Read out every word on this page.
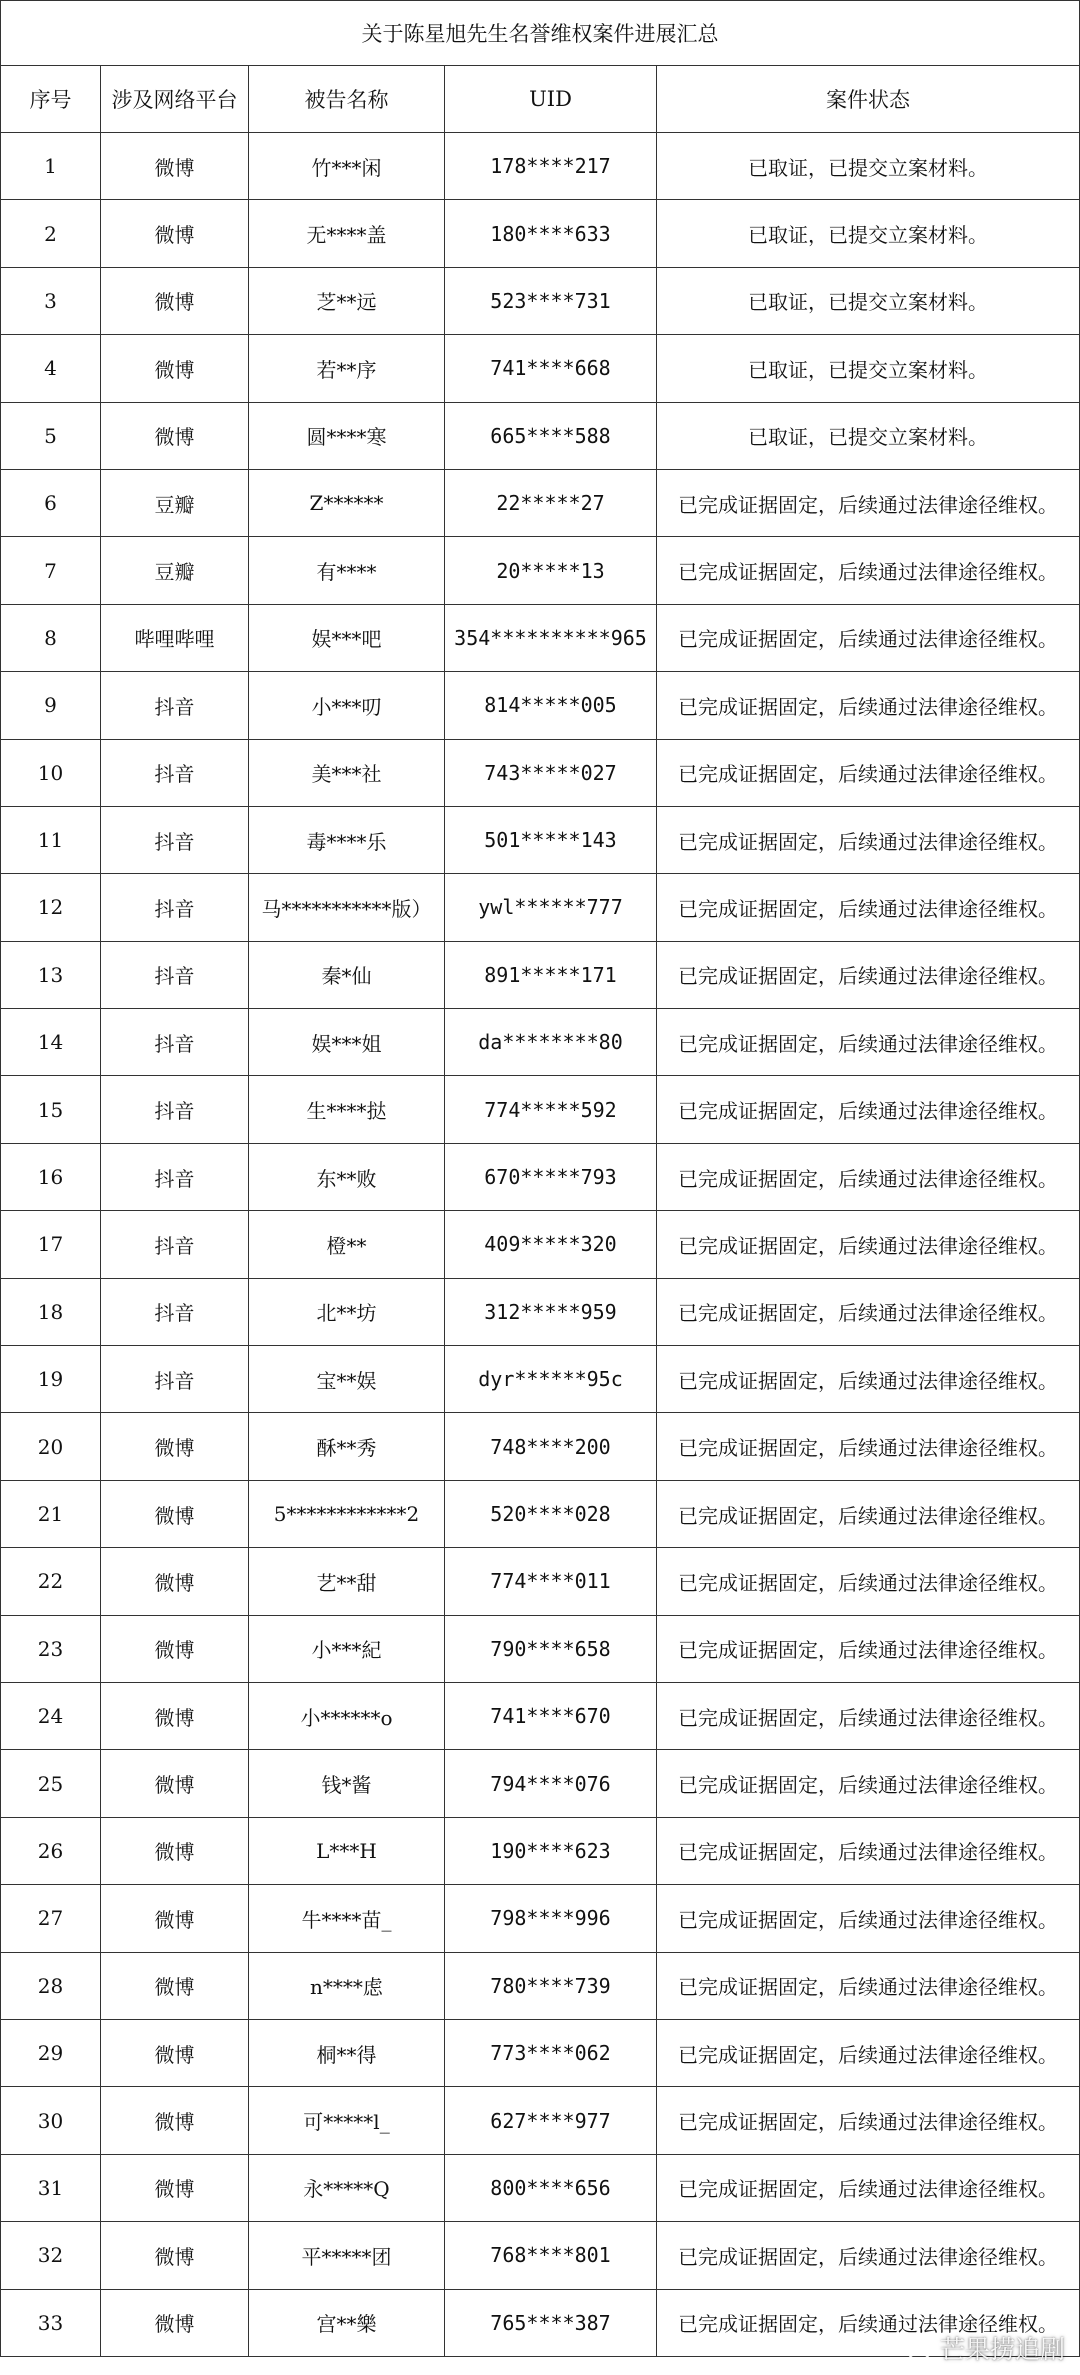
关于陈星旭先生名誉维权案件进展汇总				
序号	涉及网络平台	被告名称	UID	案件状态
1	微博	竹***闲	178****217	已取证，已提交立案材料。
2	微博	无****盖	180****633	已取证，已提交立案材料。
3	微博	芝**远	523****731	已取证，已提交立案材料。
4	微博	若**序	741****668	已取证，已提交立案材料。
5	微博	圆****寒	665****588	已取证，已提交立案材料。
6	豆瓣	Z******	22*****27	已完成证据固定，后续通过法律途径维权。
7	豆瓣	有****	20*****13	已完成证据固定，后续通过法律途径维权。
8	哔哩哔哩	娱***吧	354**********965	已完成证据固定，后续通过法律途径维权。
9	抖音	小***叨	814*****005	已完成证据固定，后续通过法律途径维权。
10	抖音	美***社	743*****027	已完成证据固定，后续通过法律途径维权。
11	抖音	毒****乐	501*****143	已完成证据固定，后续通过法律途径维权。
12	抖音	马***********版）	ywl******777	已完成证据固定，后续通过法律途径维权。
13	抖音	秦*仙	891*****171	已完成证据固定，后续通过法律途径维权。
14	抖音	娱***姐	da********80	已完成证据固定，后续通过法律途径维权。
15	抖音	生****挞	774*****592	已完成证据固定，后续通过法律途径维权。
16	抖音	东**败	670*****793	已完成证据固定，后续通过法律途径维权。
17	抖音	橙**	409*****320	已完成证据固定，后续通过法律途径维权。
18	抖音	北**坊	312*****959	已完成证据固定，后续通过法律途径维权。
19	抖音	宝**娱	dyr******95c	已完成证据固定，后续通过法律途径维权。
20	微博	酥**秀	748****200	已完成证据固定，后续通过法律途径维权。
21	微博	5************2	520****028	已完成证据固定，后续通过法律途径维权。
22	微博	艺**甜	774****011	已完成证据固定，后续通过法律途径维权。
23	微博	小***紀	790****658	已完成证据固定，后续通过法律途径维权。
24	微博	小******o	741****670	已完成证据固定，后续通过法律途径维权。
25	微博	钱*酱	794****076	已完成证据固定，后续通过法律途径维权。
26	微博	L***H	190****623	已完成证据固定，后续通过法律途径维权。
27	微博	牛****苗_	798****996	已完成证据固定，后续通过法律途径维权。
28	微博	n****虑	780****739	已完成证据固定，后续通过法律途径维权。
29	微博	桐**得	773****062	已完成证据固定，后续通过法律途径维权。
30	微博	可*****l_	627****977	已完成证据固定，后续通过法律途径维权。
31	微博	永*****Q	800****656	已完成证据固定，后续通过法律途径维权。
32	微博	平*****团	768****801	已完成证据固定，后续通过法律途径维权。
33	微博	宫**樂	765****387	已完成证据固定，后续通过法律途径维权。
芒果捞追剧
